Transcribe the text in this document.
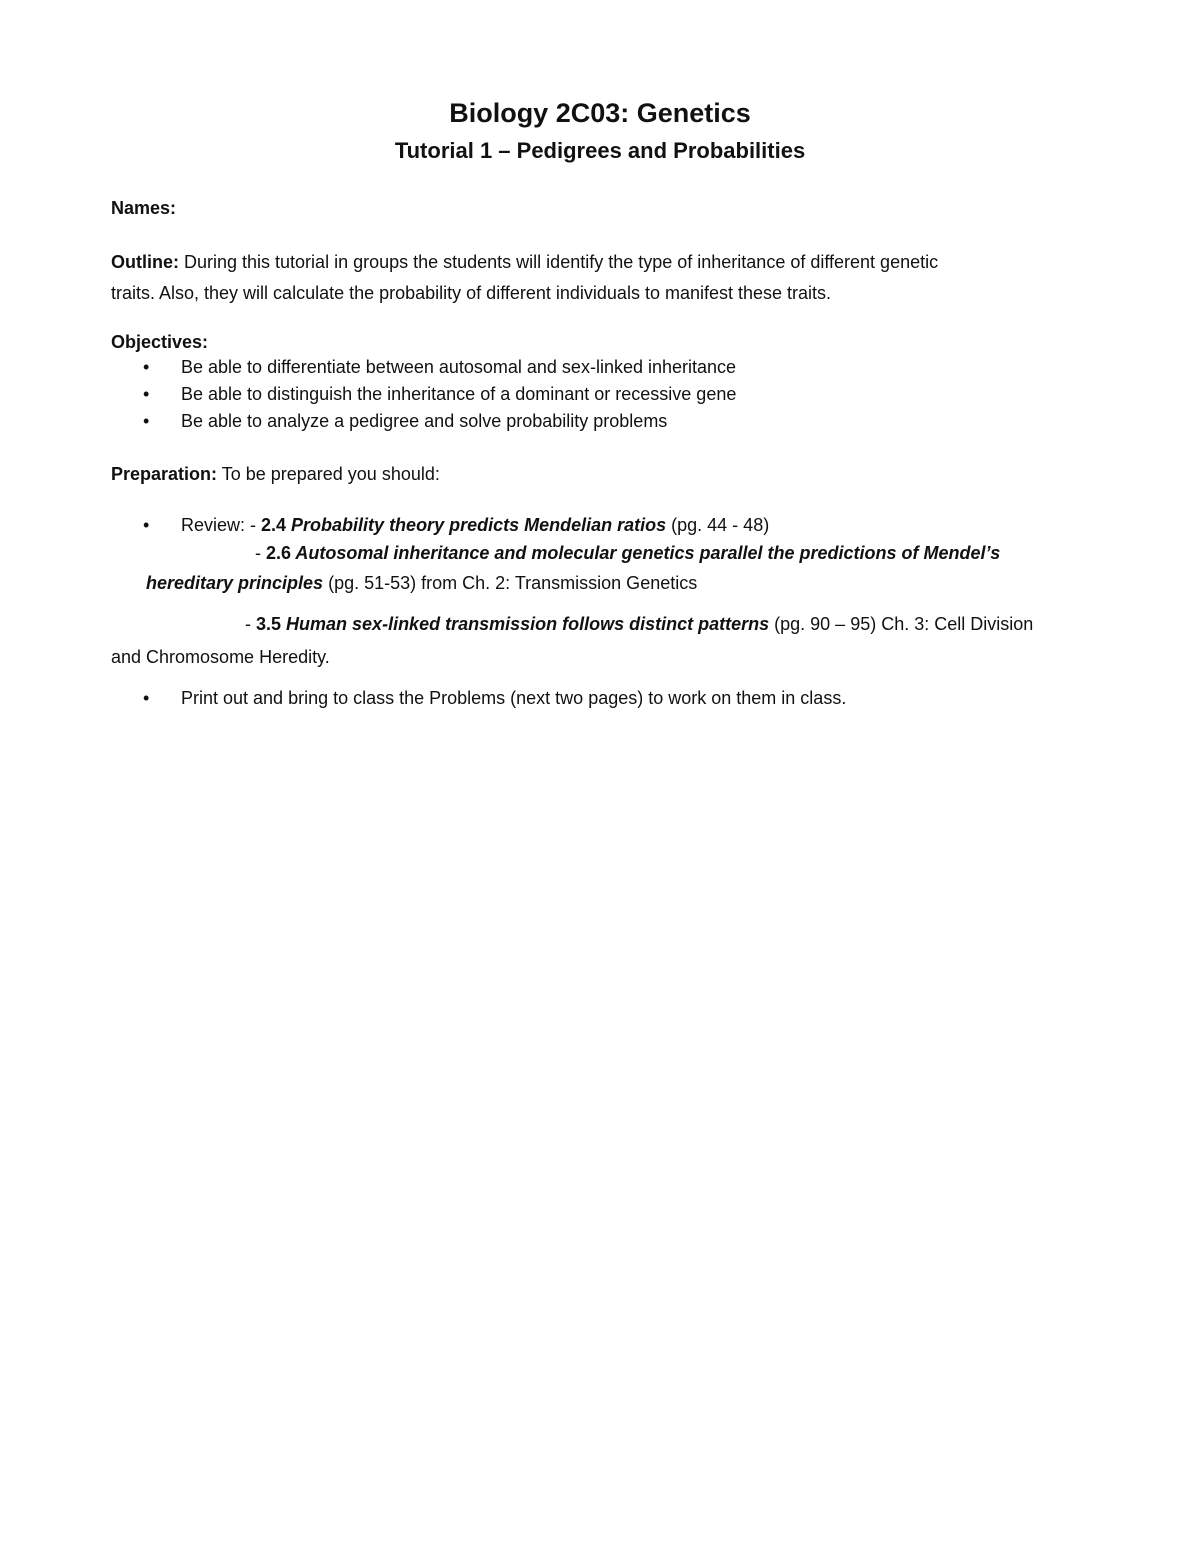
Biology 2C03: Genetics
Tutorial 1 – Pedigrees and Probabilities
Names:
Outline: During this tutorial in groups the students will identify the type of inheritance of different genetic
traits. Also, they will calculate the probability of different individuals to manifest these traits.
Objectives:
• Be able to differentiate between autosomal and sex-linked inheritance
• Be able to distinguish the inheritance of a dominant or recessive gene
• Be able to analyze a pedigree and solve probability problems
Preparation: To be prepared you should:
• Review: - 2.4 Probability theory predicts Mendelian ratios (pg. 44 - 48)
- 2.6 Autosomal inheritance and molecular genetics parallel the predictions of Mendel’s
hereditary principles (pg. 51-53) from Ch. 2: Transmission Genetics
- 3.5 Human sex-linked transmission follows distinct patterns (pg. 90 – 95) Ch. 3: Cell Division
and Chromosome Heredity.
• Print out and bring to class the Problems (next two pages) to work on them in class.
